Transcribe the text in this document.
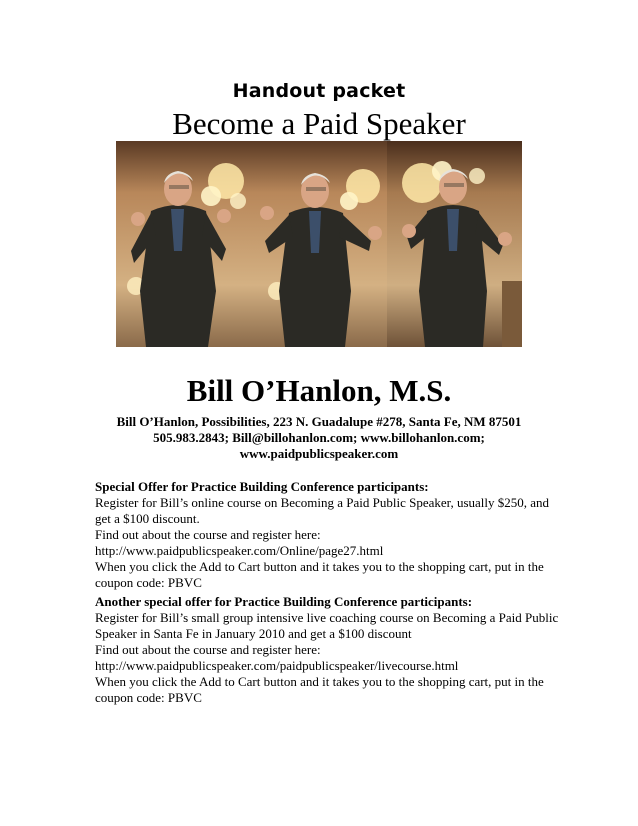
Handout packet
Become a Paid Speaker
Bill O’Hanlon, M.S.
Bill O’Hanlon, Possibilities, 223 N. Guadalupe #278, Santa Fe, NM 87501
505.983.2843; Bill@billohanlon.com; www.billohanlon.com;
www.paidpublicspeaker.com
Special Offer for Practice Building Conference participants:
Register for Bill’s online course on Becoming a Paid Public Speaker, usually $250, and
get a $100 discount.
Find out about the course and register here:
http://www.paidpublicspeaker.com/Online/page27.html
When you click the Add to Cart button and it takes you to the shopping cart, put in the
coupon code: PBVC
Another special offer for Practice Building Conference participants:
Register for Bill’s small group intensive live coaching course on Becoming a Paid Public
Speaker in Santa Fe in January 2010 and get a $100 discount
Find out about the course and register here:
http://www.paidpublicspeaker.com/paidpublicspeaker/livecourse.html
When you click the Add to Cart button and it takes you to the shopping cart, put in the
coupon code: PBVC
